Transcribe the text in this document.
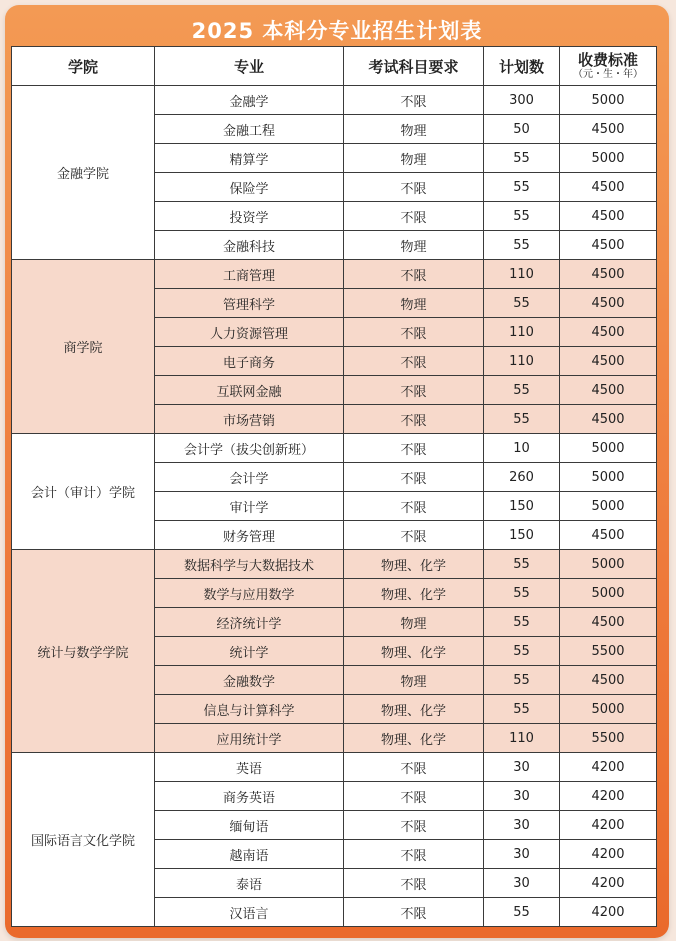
2025 本科分专业招生计划表
学院	专业	考试科目要求	计划数	收费标准
（元・生・年）

金融学院	金融学	不限	300	5000
	金融工程	物理	50	4500
	精算学	物理	55	5000
	保险学	不限	55	4500
	投资学	不限	55	4500
	金融科技	物理	55	4500
商学院	工商管理	不限	110	4500
	管理科学	物理	55	4500
	人力资源管理	不限	110	4500
	电子商务	不限	110	4500
	互联网金融	不限	55	4500
	市场营销	不限	55	4500
会计（审计）学院	会计学（拔尖创新班）	不限	10	5000
	会计学	不限	260	5000
	审计学	不限	150	5000
	财务管理	不限	150	4500
统计与数学学院	数据科学与大数据技术	物理、化学	55	5000
	数学与应用数学	物理、化学	55	5000
	经济统计学	物理	55	4500
	统计学	物理、化学	55	5500
	金融数学	物理	55	4500
	信息与计算科学	物理、化学	55	5000
	应用统计学	物理、化学	110	5500
国际语言文化学院	英语	不限	30	4200
	商务英语	不限	30	4200
	缅甸语	不限	30	4200
	越南语	不限	30	4200
	泰语	不限	30	4200
	汉语言	不限	55	4200
